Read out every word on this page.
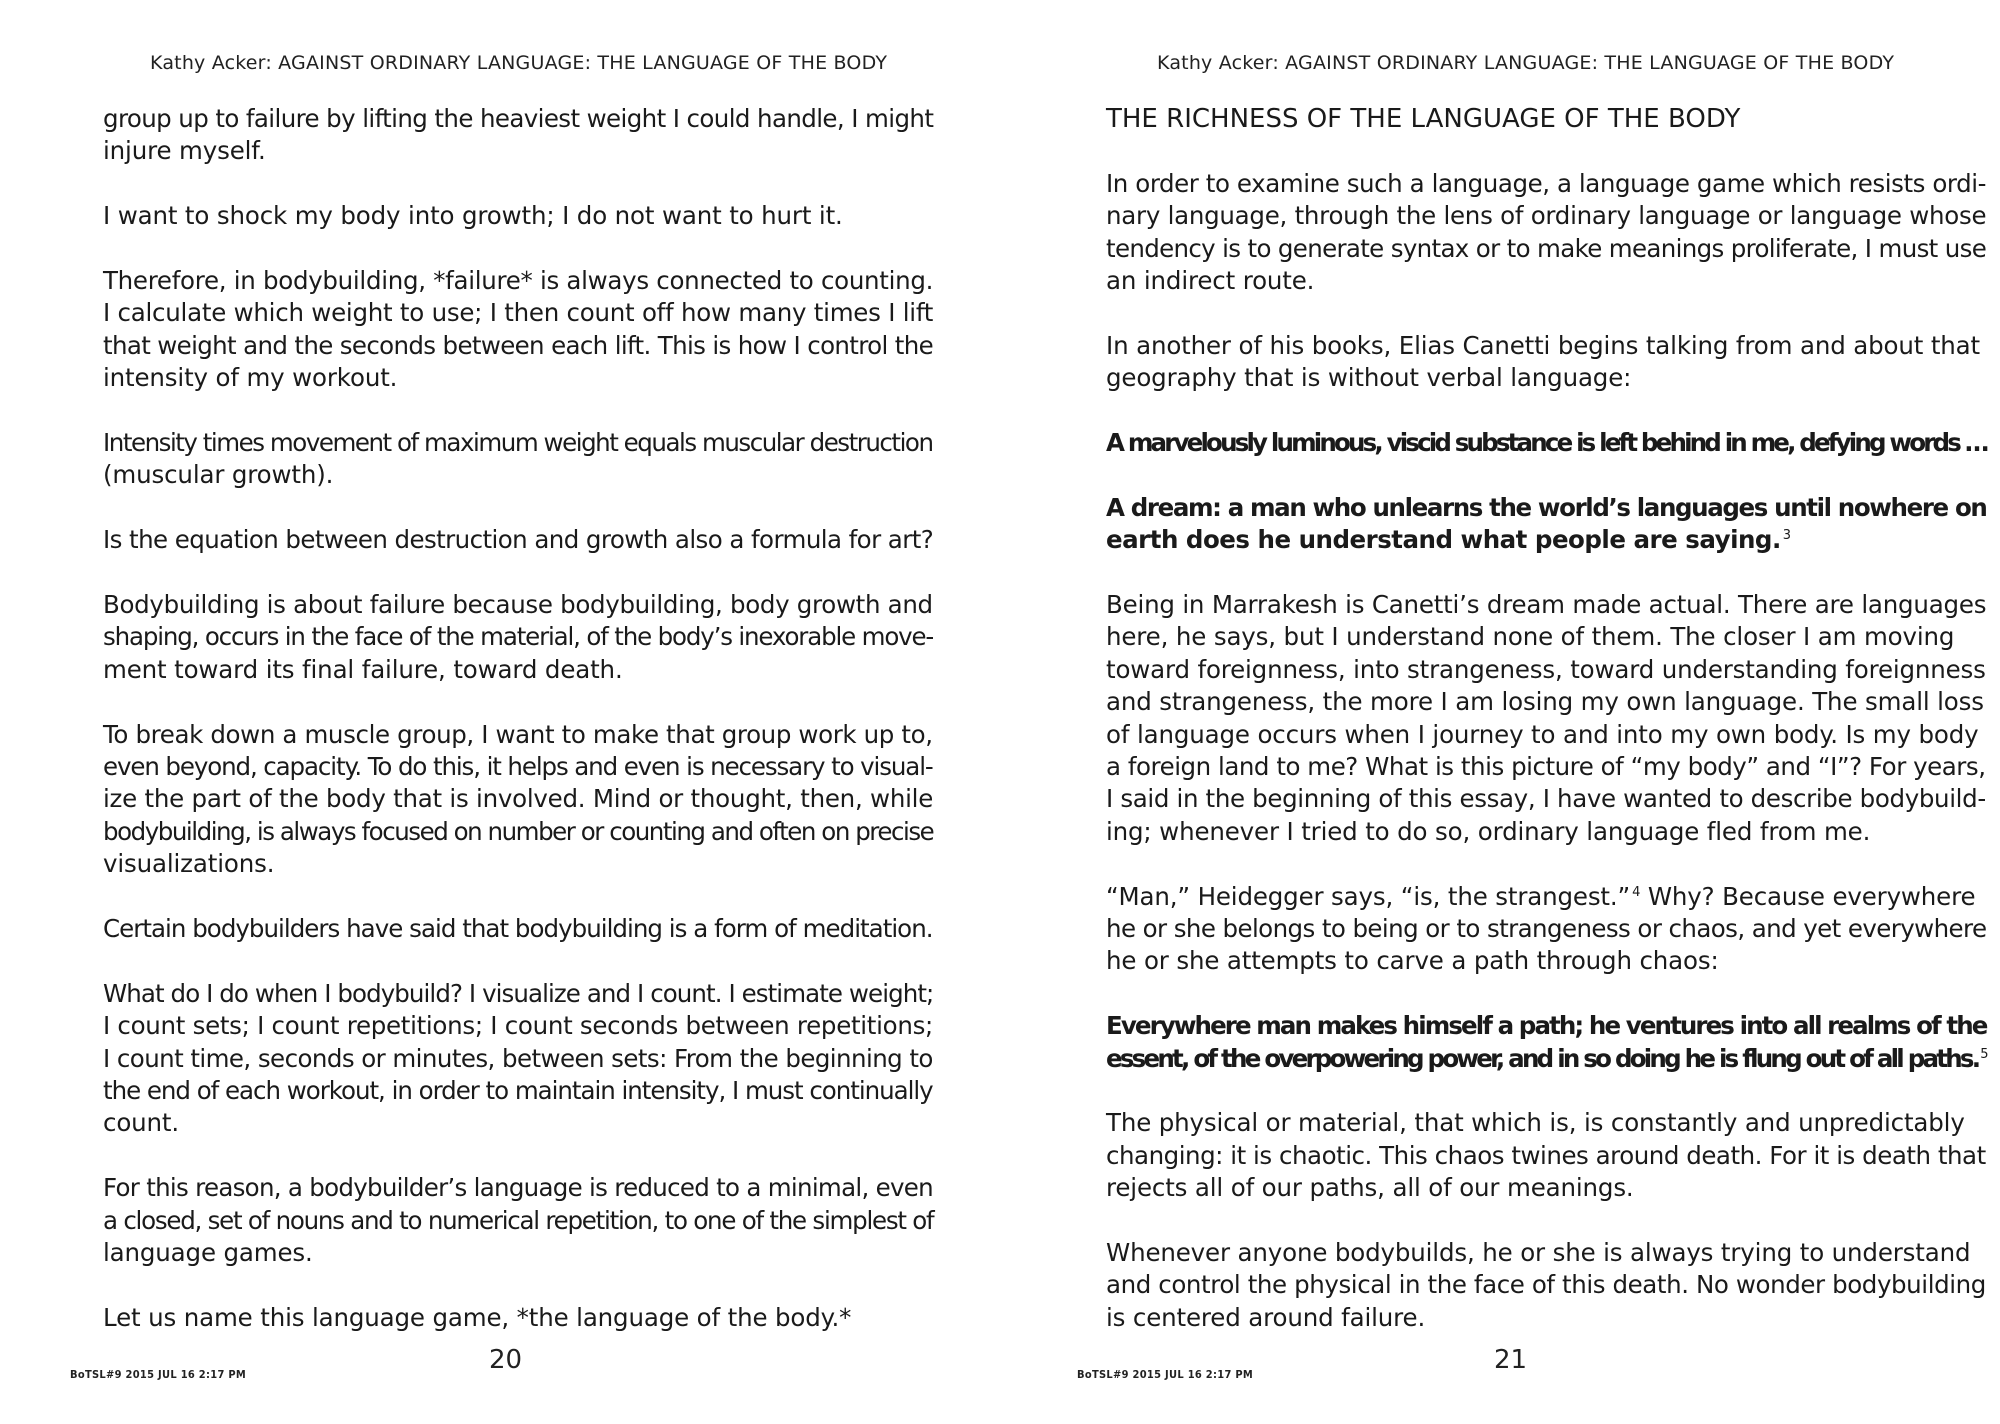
Kathy Acker: AGAINST ORDINARY LANGUAGE: THE LANGUAGE OF THE BODY
group up to failure by lifting the heaviest weight I could handle, I might
injure myself.
I want to shock my body into growth; I do not want to hurt it.
Therefore, in bodybuilding, *failure* is always connected to counting.
I calculate which weight to use; I then count off how many times I lift
that weight and the seconds between each lift. This is how I control the
intensity of my workout.
Intensity times movement of maximum weight equals muscular destruction
(muscular growth).
Is the equation between destruction and growth also a formula for art?
Bodybuilding is about failure because bodybuilding, body growth and
shaping, occurs in the face of the material, of the body’s inexorable move-
ment toward its final failure, toward death.
To break down a muscle group, I want to make that group work up to,
even beyond, capacity. To do this, it helps and even is necessary to visual-
ize the part of the body that is involved. Mind or thought, then, while
bodybuilding, is always focused on number or counting and often on precise
visualizations.
Certain bodybuilders have said that bodybuilding is a form of meditation.
What do I do when I bodybuild? I visualize and I count. I estimate weight;
I count sets; I count repetitions; I count seconds between repetitions;
I count time, seconds or minutes, between sets: From the beginning to
the end of each workout, in order to maintain intensity, I must continually
count.
For this reason, a bodybuilder’s language is reduced to a minimal, even
a closed, set of nouns and to numerical repetition, to one of the simplest of
language games.
Let us name this language game, *the language of the body.*
20
BoTSL#9 2015 JUL 16 2:17 PM
Kathy Acker: AGAINST ORDINARY LANGUAGE: THE LANGUAGE OF THE BODY
THE RICHNESS OF THE LANGUAGE OF THE BODY
In order to examine such a language, a language game which resists ordi-
nary language, through the lens of ordinary language or language whose
tendency is to generate syntax or to make meanings proliferate, I must use
an indirect route.
In another of his books, Elias Canetti begins talking from and about that
geography that is without verbal language:
A marvelously luminous, viscid substance is left behind in me, defying words …
A dream: a man who unlearns the world’s languages until nowhere on
earth does he understand what people are saying. $^3$
Being in Marrakesh is Canetti’s dream made actual. There are languages
here, he says, but I understand none of them. The closer I am moving
toward foreignness, into strangeness, toward understanding foreignness
and strangeness, the more I am losing my own language. The small loss
of language occurs when I journey to and into my own body. Is my body
a foreign land to me? What is this picture of “my body” and “I”? For years,
I said in the beginning of this essay, I have wanted to describe bodybuild-
ing; whenever I tried to do so, ordinary language fled from me.
“Man,” Heidegger says, “is, the strangest.” $^4$ Why? Because everywhere
he or she belongs to being or to strangeness or chaos, and yet everywhere
he or she attempts to carve a path through chaos:
Everywhere man makes himself a path; he ventures into all realms of the
essent, of the overpowering power, and in so doing he is flung out of all paths. $^5$
The physical or material, that which is, is constantly and unpredictably
changing: it is chaotic. This chaos twines around death. For it is death that
rejects all of our paths, all of our meanings.
Whenever anyone bodybuilds, he or she is always trying to understand
and control the physical in the face of this death. No wonder bodybuilding
is centered around failure.
21
BoTSL#9 2015 JUL 16 2:17 PM
